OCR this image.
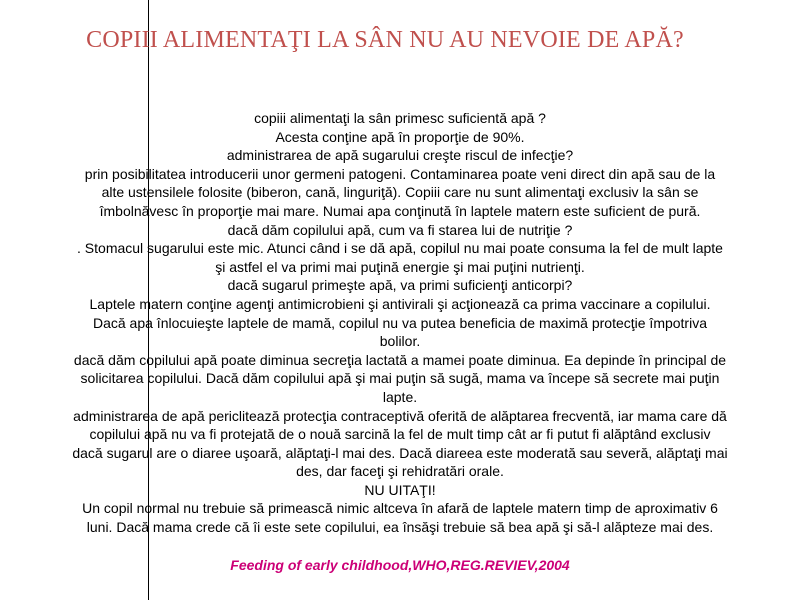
COPIII ALIMENTAŢI LA SÂN NU AU NEVOIE DE APĂ?
copiii alimentaţi la sân primesc suficientă apă ?
Acesta conţine apă în proporţie de 90%.
administrarea de apă sugarului creşte riscul de infecţie?
prin posibilitatea introducerii unor germeni patogeni. Contaminarea poate veni direct din apă sau de la
alte ustensilele folosite (biberon, cană, linguriţă). Copiii care nu sunt alimentaţi exclusiv la sân se
îmbolnăvesc în proporţie mai mare. Numai apa conţinută în laptele matern este suficient de pură.
dacă dăm copilului apă, cum va fi starea lui de nutriţie ?
. Stomacul sugarului este mic. Atunci când i se dă apă, copilul nu mai poate consuma la fel de mult lapte
şi astfel el va primi mai puţină energie şi mai puţini nutrienţi.
dacă sugarul primeşte apă, va primi suficienţi anticorpi?
Laptele matern conţine agenţi antimicrobieni şi antivirali şi acţionează ca prima vaccinare a copilului.
Dacă apa înlocuieşte laptele de mamă, copilul nu va putea beneficia de maximă protecţie împotriva
bolilor.
dacă dăm copilului apă poate diminua secreţia lactată a mamei poate diminua. Ea depinde în principal de
solicitarea copilului. Dacă dăm copilului apă şi mai puţin să sugă, mama va începe să secrete mai puţin
lapte.
administrarea de apă periclitează protecţia contraceptivă oferită de alăptarea frecventă, iar mama care dă
copilului apă nu va fi protejată de o nouă sarcină la fel de mult timp cât ar fi putut fi alăptând exclusiv
dacă sugarul are o diaree uşoară, alăptaţi-l mai des. Dacă diareea este moderată sau severă, alăptaţi mai
des, dar faceţi şi rehidratări orale.
NU UITAŢI!
Un copil normal nu trebuie să primească nimic altceva în afară de laptele matern timp de aproximativ 6
luni. Dacă mama crede că îi este sete copilului, ea însăşi trebuie să bea apă şi să-l alăpteze mai des.
Feeding of early childhood,WHO,REG.REVIEV,2004
